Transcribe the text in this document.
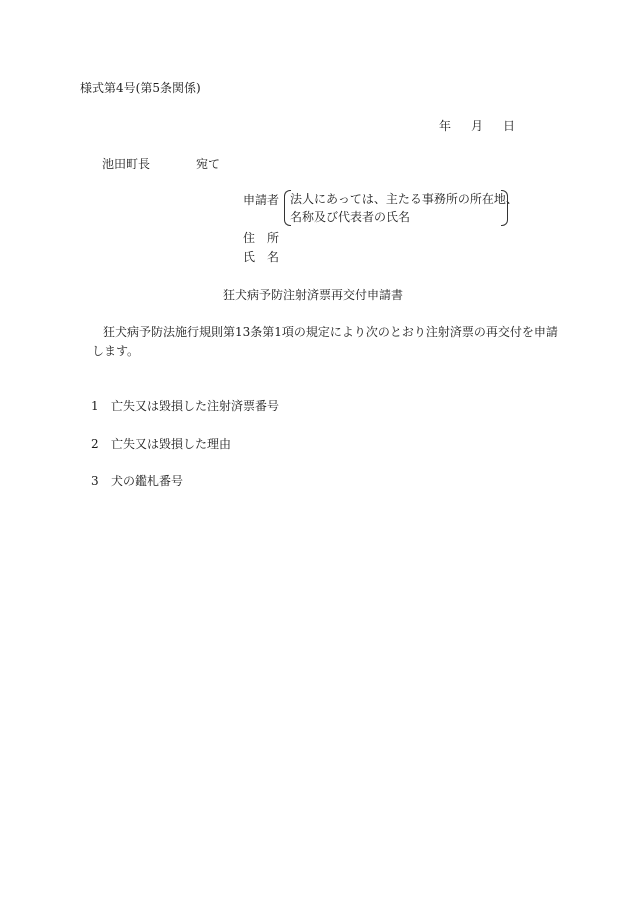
様式第4号(第5条関係)
年 月 日
池田町長	宛て
申請者 法人にあっては、主たる事務所の所在地、
名称及び代表者の氏名
住　所
氏　名
狂犬病予防注射済票再交付申請書
狂犬病予防法施行規則第13条第1項の規定により次のとおり注射済票の再交付を申請します。
1 亡失又は毀損した注射済票番号
2 亡失又は毀損した理由
3 犬の鑑札番号
